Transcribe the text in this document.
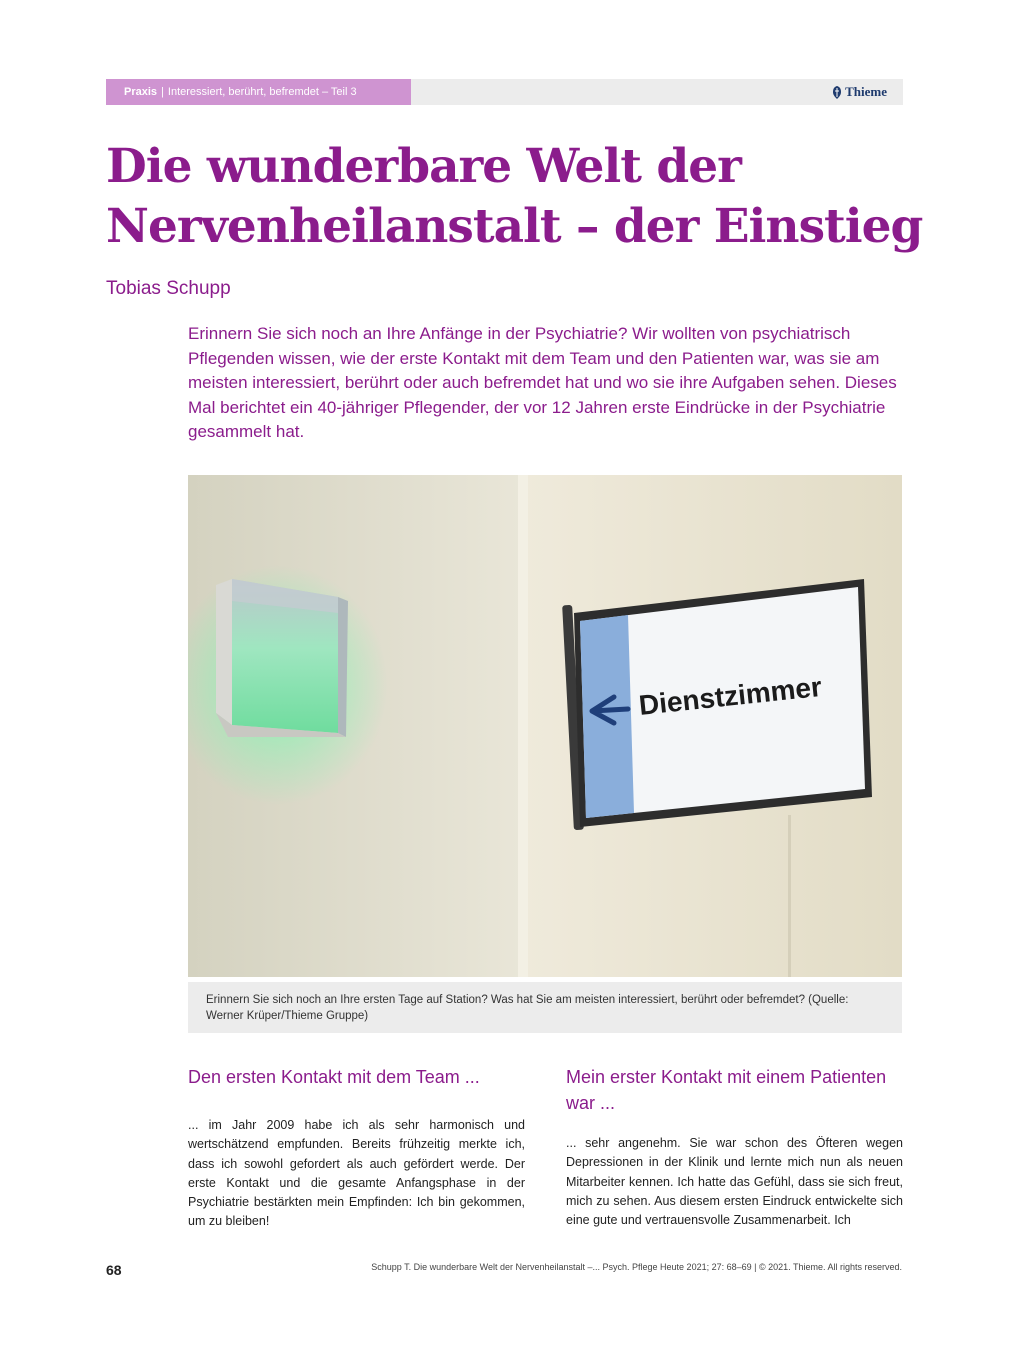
Praxis | Interessiert, berührt, befremdet – Teil 3	Thieme
Die wunderbare Welt der Nervenheilanstalt – der Einstieg
Tobias Schupp
Erinnern Sie sich noch an Ihre Anfänge in der Psychiatrie? Wir wollten von psychiatrisch Pflegenden wissen, wie der erste Kontakt mit dem Team und den Patienten war, was sie am meisten interessiert, berührt oder auch befremdet hat und wo sie ihre Aufgaben sehen. Dieses Mal berichtet ein 40-jähriger Pflegender, der vor 12 Jahren erste Eindrücke in der Psychiatrie gesammelt hat.
Dienstzimmer
Erinnern Sie sich noch an Ihre ersten Tage auf Station? Was hat Sie am meisten interessiert, berührt oder befremdet? (Quelle: Werner Krüper/Thieme Gruppe)
Den ersten Kontakt mit dem Team ...

... im Jahr 2009 habe ich als sehr harmonisch und wertschätzend empfunden. Bereits frühzeitig merkte ich, dass ich sowohl gefordert als auch gefördert werde. Der erste Kontakt und die gesamte Anfangsphase in der Psychiatrie bestärkten mein Empfinden: Ich bin gekommen, um zu bleiben!

Mein erster Kontakt mit einem Patienten war ...

... sehr angenehm. Sie war schon des Öfteren wegen Depressionen in der Klinik und lernte mich nun als neuen Mitarbeiter kennen. Ich hatte das Gefühl, dass sie sich freut, mich zu sehen. Aus diesem ersten Eindruck entwickelte sich eine gute und vertrauensvolle Zusammenarbeit. Ich

68	Schupp T. Die wunderbare Welt der Nervenheilanstalt –... Psych. Pflege Heute 2021; 27: 68–69 | © 2021. Thieme. All rights reserved.
